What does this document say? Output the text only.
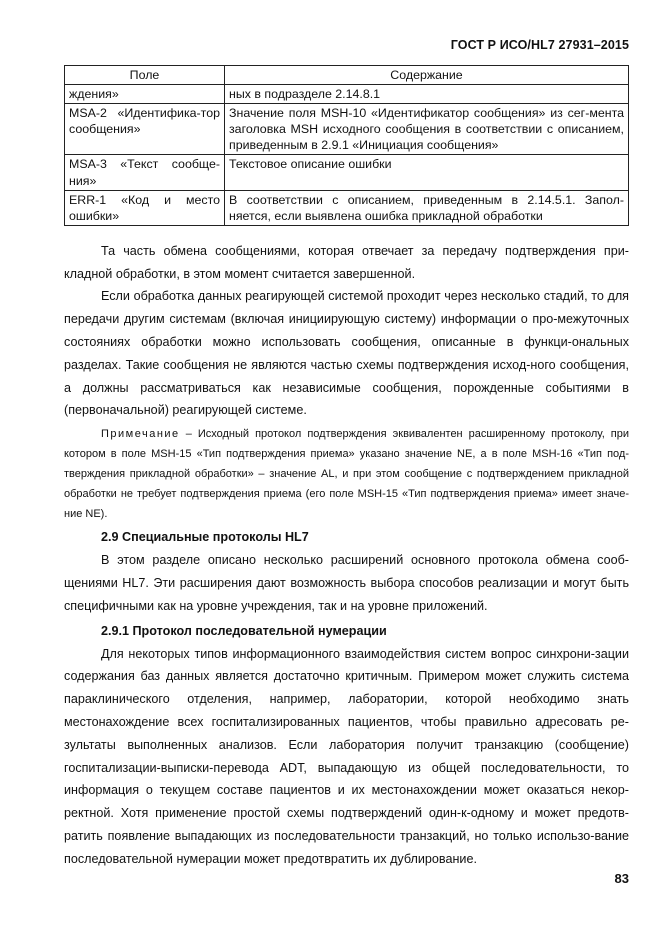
ГОСТ Р ИСО/HL7 27931–2015
Поле	Содержание
ждения»	ных в подразделе 2.14.8.1
MSA-2 «Идентифика-тор сообщения»	Значение поля MSH-10 «Идентификатор сообщения» из сег-мента заголовка MSH исходного сообщения в соответствии с описанием, приведенным в 2.9.1 «Инициация сообщения»
MSA-3 «Текст сообще-ния»	Текстовое описание ошибки
ERR-1 «Код и место ошибки»	В соответствии с описанием, приведенным в 2.14.5.1. Запол-няется, если выявлена ошибка прикладной обработки

Та часть обмена сообщениями, которая отвечает за передачу подтверждения при-кладной обработки, в этом момент считается завершенной.

Если обработка данных реагирующей системой проходит через несколько стадий, то для передачи другим системам (включая инициирующую систему) информации о про-межуточных состояниях обработки можно использовать сообщения, описанные в функци-ональных разделах. Такие сообщения не являются частью схемы подтверждения исход-ного сообщения, а должны рассматриваться как независимые сообщения, порожденные событиями в (первоначальной) реагирующей системе.

Примечание – Исходный протокол подтверждения эквивалентен расширенному протоколу, при котором в поле MSH-15 «Тип подтверждения приема» указано значение NE, а в поле MSH-16 «Тип под-тверждения прикладной обработки» – значение AL, и при этом сообщение с подтверждением прикладной обработки не требует подтверждения приема (его поле MSH-15 «Тип подтверждения приема» имеет значе-ние NE).
2.9 Специальные протоколы HL7

В этом разделе описано несколько расширений основного протокола обмена сооб-щениями HL7. Эти расширения дают возможность выбора способов реализации и могут быть специфичными как на уровне учреждения, так и на уровне приложений.

2.9.1 Протокол последовательной нумерации

Для некоторых типов информационного взаимодействия систем вопрос синхрони-зации содержания баз данных является достаточно критичным. Примером может служить система параклинического отделения, например, лаборатории, которой необходимо знать местонахождение всех госпитализированных пациентов, чтобы правильно адресовать ре-зультаты выполненных анализов. Если лаборатория получит транзакцию (сообщение) госпитализации-выписки-перевода ADT, выпадающую из общей последовательности, то информация о текущем составе пациентов и их местонахождении может оказаться некор-ректной. Хотя применение простой схемы подтверждений один-к-одному и может предотв-ратить появление выпадающих из последовательности транзакций, но только использо-вание последовательной нумерации может предотвратить их дублирование.

83
